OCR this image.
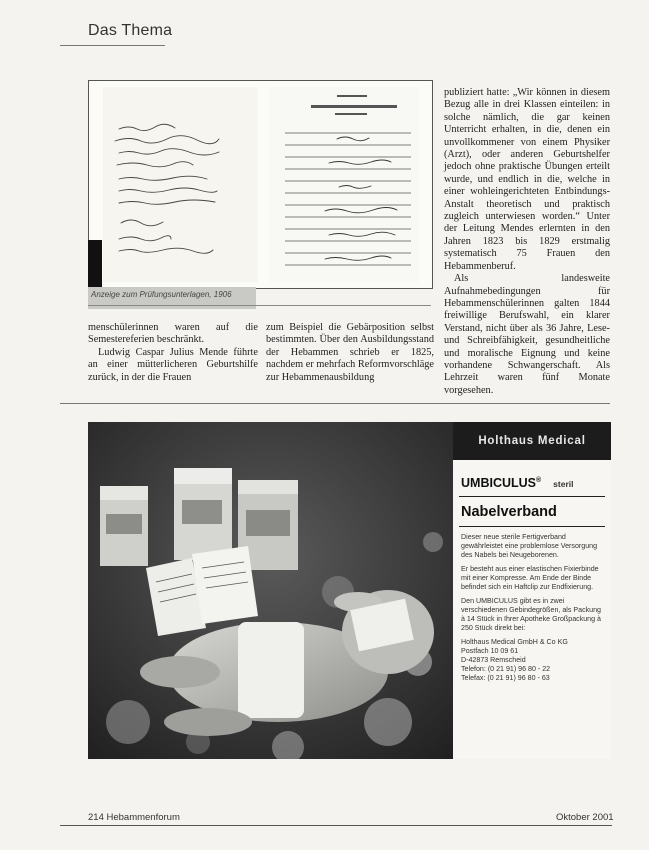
Das Thema
Anzeige zum Prüfungsunterlagen, 1906

menschülerinnen waren auf die Semestereferien beschränkt.

Ludwig Caspar Julius Mende führte an einer mütterlicheren Geburtshilfe zurück, in der die Frauen

zum Beispiel die Gebärposition selbst bestimmten. Über den Ausbildungsstand der Hebammen schrieb er 1825, nachdem er mehrfach Reformvorschläge zur Hebammenausbildung

publiziert hatte: „Wir können in diesem Bezug alle in drei Klassen einteilen: in solche nämlich, die gar keinen Unterricht erhalten, in die, denen ein unvollkommener von einem Physiker (Arzt), oder anderen Geburtshelfer jedoch ohne praktische Übungen erteilt wurde, und endlich in die, welche in einer wohleingerichteten Entbindungs-Anstalt theoretisch und praktisch zugleich unterwiesen worden.“ Unter der Leitung Mendes erlernten in den Jahren 1823 bis 1829 erstmalig systematisch 75 Frauen den Hebammenberuf.

Als landesweite Aufnahmebedingungen für Hebammenschülerinnen galten 1844 freiwillige Berufswahl, ein klarer Verstand, nicht über als 36 Jahre, Lese- und Schreibfähigkeit, gesundheitliche und moralische Eignung und keine vorhandene Schwangerschaft. Als Lehrzeit waren fünf Monate vorgesehen.

Holthaus Medical
UMBICULUS® steril
Nabelverband

Dieser neue sterile Fertigverband gewährleistet eine problemlose Versorgung des Nabels bei Neugeborenen.

Er besteht aus einer elastischen Fixierbinde mit einer Kompresse. Am Ende der Binde befindet sich ein Haftclip zur Endfixierung.

Den UMBICULUS gibt es in zwei verschiedenen Gebindegrößen, als Packung à 14 Stück in Ihrer Apotheke Großpackung à 250 Stück direkt bei:

Holthaus Medical GmbH & Co KG
Postfach 10 09 61
D-42873 Remscheid
Telefon: (0 21 91) 96 80 - 22
Telefax: (0 21 91) 96 80 - 63
214 Hebammenforum	Oktober 2001
